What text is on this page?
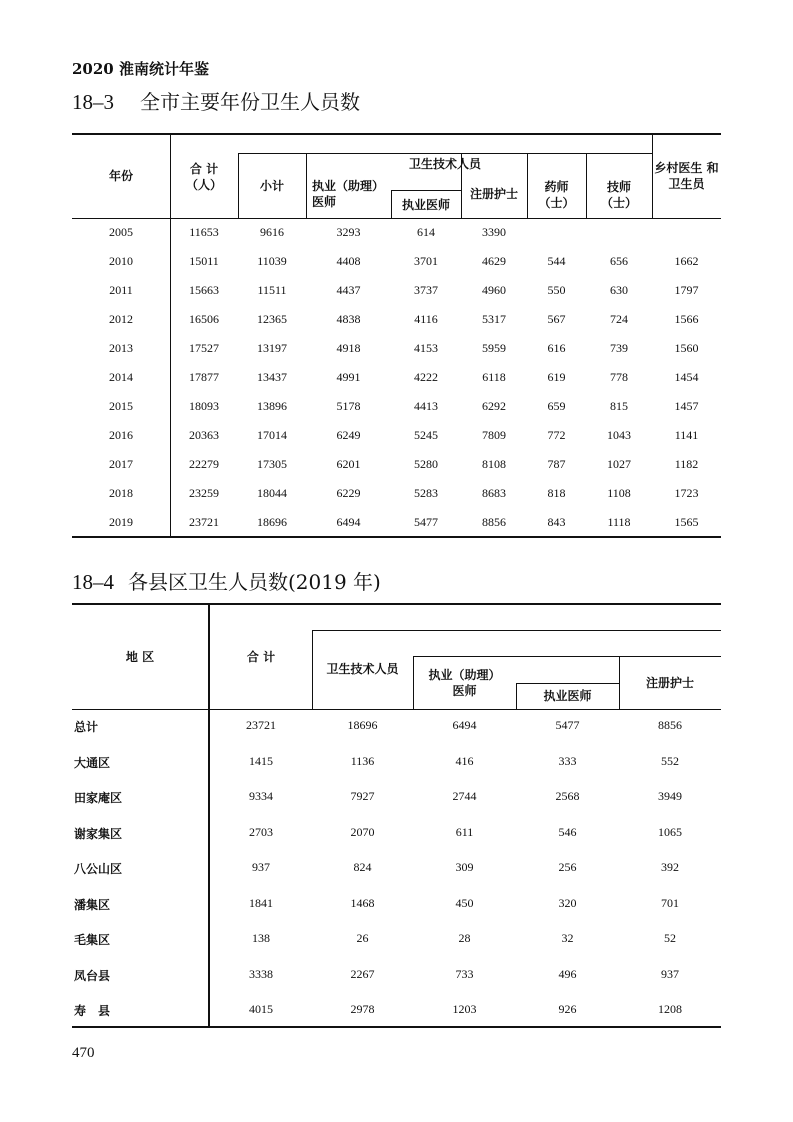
2020 淮南统计年鉴
18–3 全市主要年份卫生人员数
年份	合 计
（人）
卫生技术人员
小计	执业（助理）
医师	执业医师
注册护士	药师
（士）
技师
（士）
乡村医生 和
卫生员
2005	11653	9616	3293	614	3390
2010	15011	11039	4408	3701	4629	544	656	1662
2011	15663	11511	4437	3737	4960	550	630	1797
2012	16506	12365	4838	4116	5317	567	724	1566
2013	17527	13197	4918	4153	5959	616	739	1560
2014	17877	13437	4991	4222	6118	619	778	1454
2015	18093	13896	5178	4413	6292	659	815	1457
2016	20363	17014	6249	5245	7809	772	1043	1141
2017	22279	17305	6201	5280	8108	787	1027	1182
2018	23259	18044	6229	5283	8683	818	1108	1723
2019	23721	18696	6494	5477	8856	843	1118	1565
18–4 各县区卫生人员数(2019 年)
地 区	合 计
卫生技术人员	执业（助理）
医师	执业医师
注册护士
总计	23721	18696	6494	5477	8856
大通区	1415	1136	416	333	552
田家庵区	9334	7927	2744	2568	3949
谢家集区	2703	2070	611	546	1065
八公山区	937	824	309	256	392
潘集区	1841	1468	450	320	701
毛集区	138	26	28	32	52
凤台县	3338	2267	733	496	937
寿　县	4015	2978	1203	926	1208
470
